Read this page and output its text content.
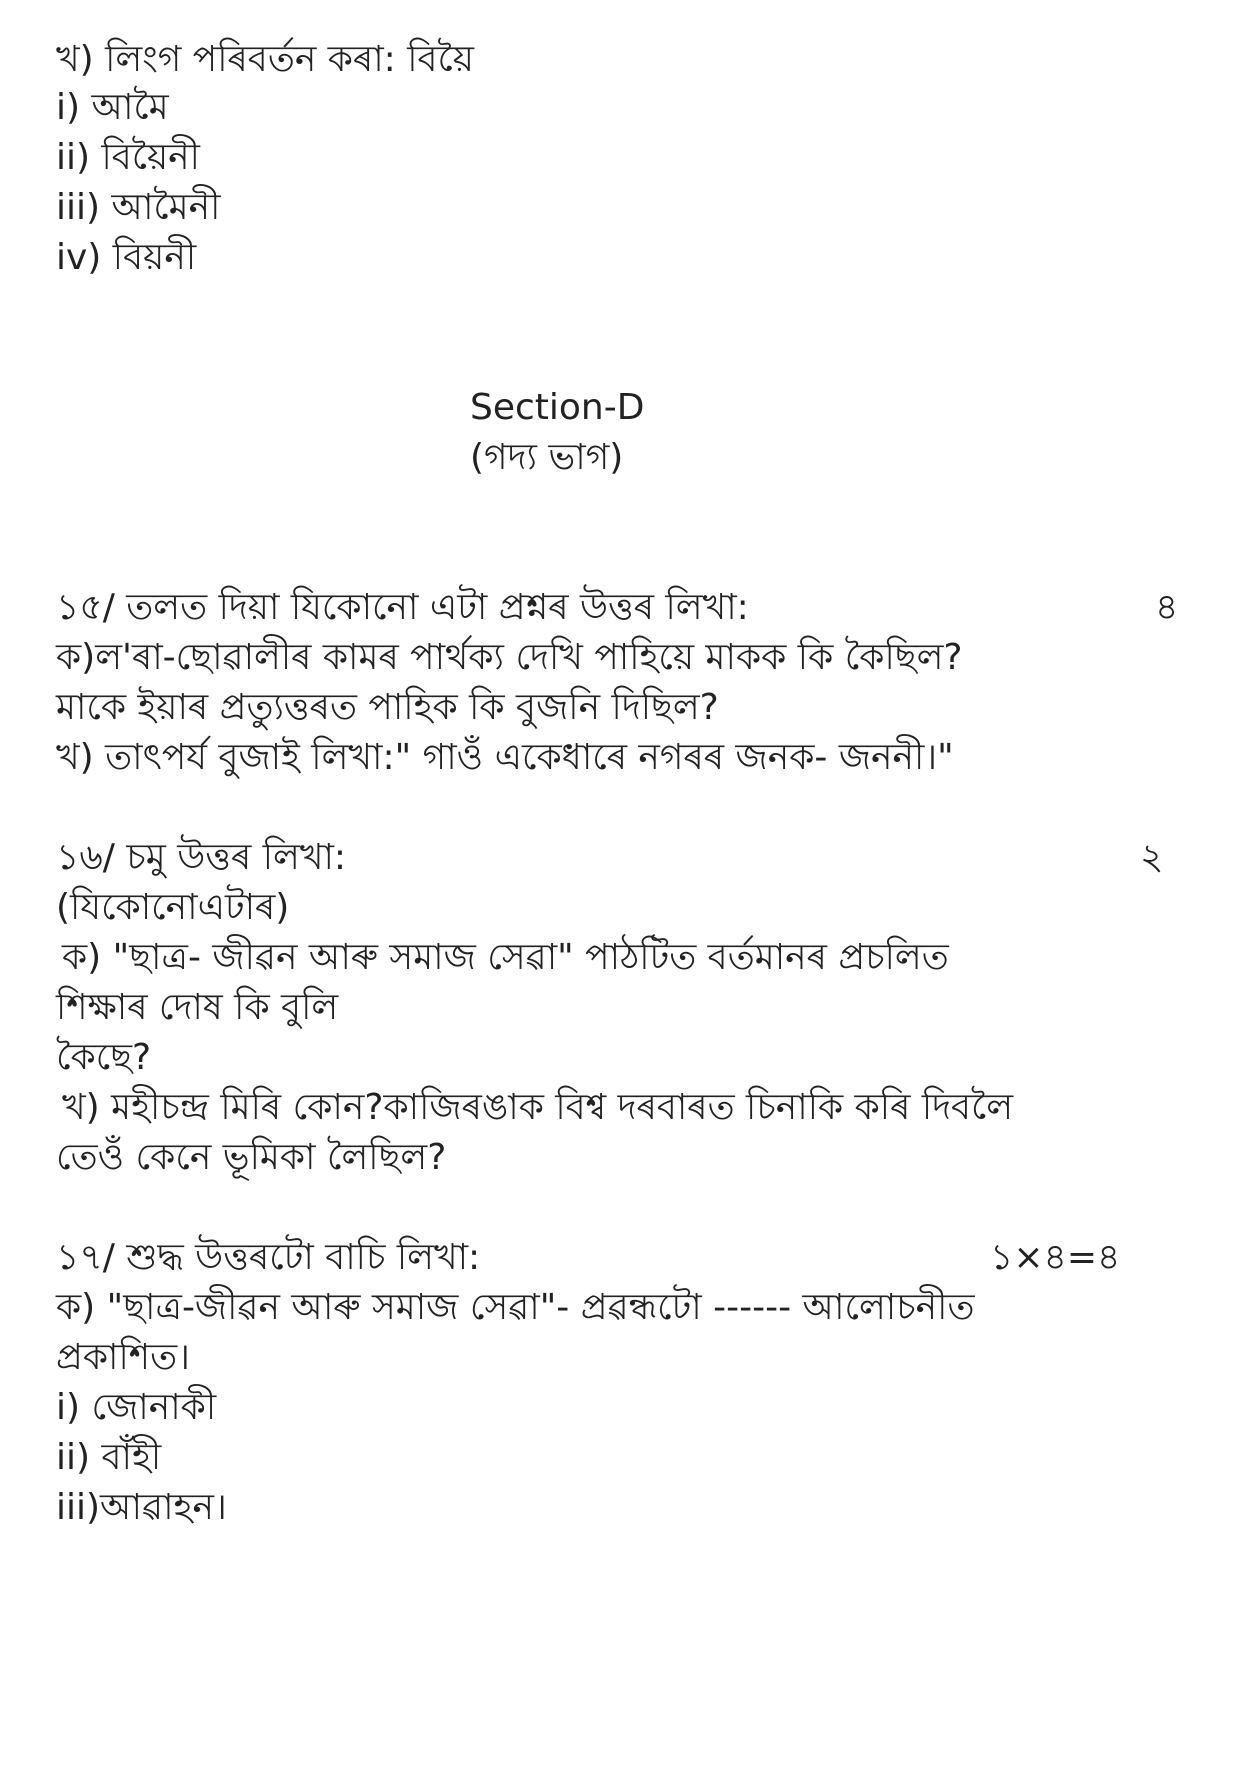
খ) লিংগ পৰিবৰ্তন কৰা: বিয়ৈ
i) আমৈ
ii) বিয়ৈনী
iii) আমৈনী
iv) বিয়নী
Section-D
(গদ্য ভাগ)
১৫/ তলত দিয়া যিকোনো এটা প্ৰশ্নৰ উত্তৰ লিখা:	৪
ক)ল'ৰা-ছোৱালীৰ কামৰ পাৰ্থক্য দেখি পাহিয়ে মাকক কি কৈছিল?
মাকে ইয়াৰ প্ৰত্যুত্তৰত পাহিক কি বুজনি দিছিল?
খ) তাৎপৰ্য বুজাই লিখা:" গাওঁ একেধাৰে নগৰৰ জনক- জননী।"
১৬/ চমু উত্তৰ লিখা:	২
(যিকোনোএটাৰ)
ক) "ছাত্ৰ- জীৱন আৰু সমাজ সেৱা" পাঠটিত বৰ্তমানৰ প্ৰচলিত
শিক্ষাৰ দোষ কি বুলি
কৈছে?
খ) মহীচন্দ্ৰ মিৰি কোন?কাজিৰঙাক বিশ্ব দৰবাৰত চিনাকি কৰি দিবলৈ
তেওঁ কেনে ভূমিকা লৈছিল?
১৭/ শুদ্ধ উত্তৰটো বাচি লিখা:	১×৪=৪
ক) "ছাত্ৰ-জীৱন আৰু সমাজ সেৱা"- প্ৰৱন্ধটো ------ আলোচনীত
প্ৰকাশিত।
i) জোনাকী
ii) বাঁহী
iii)আৱাহন।
